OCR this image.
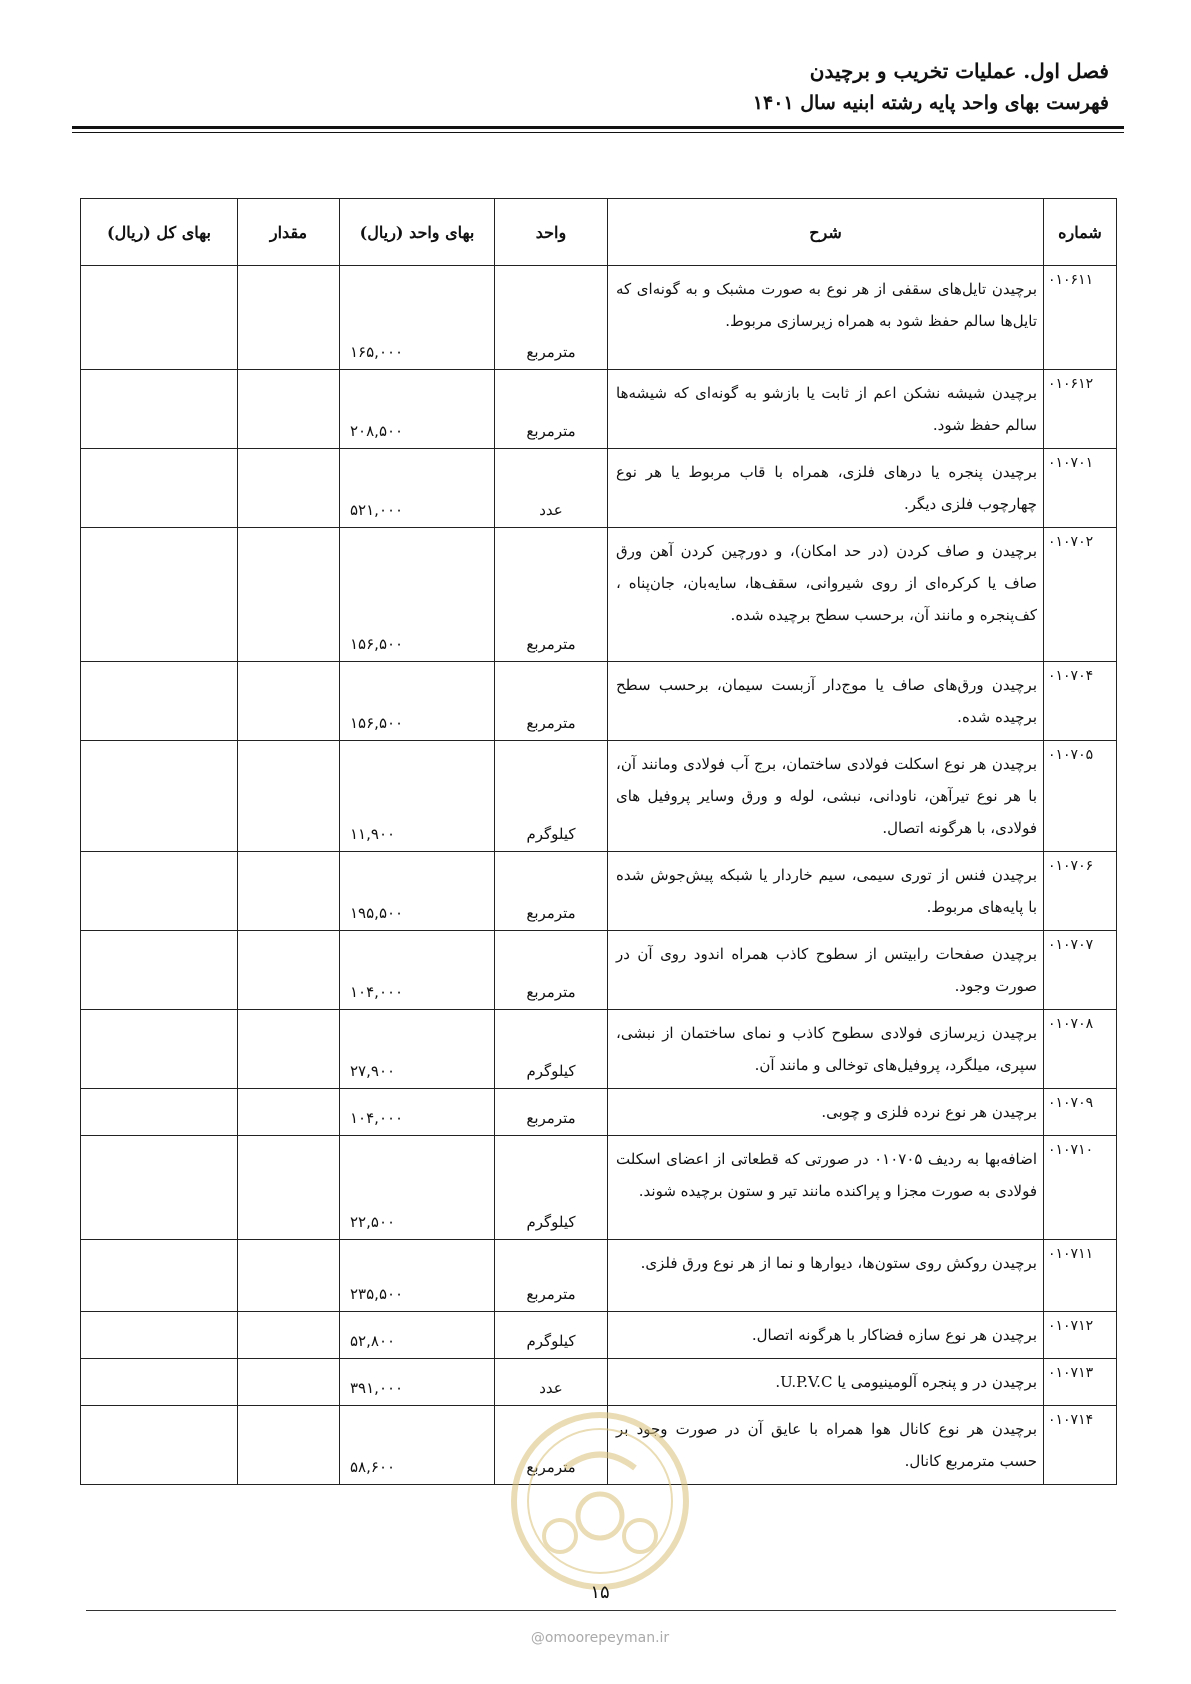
فصل اول. عملیات تخریب و برچیدن
فهرست بهای واحد پایه رشته ابنیه سال ۱۴۰۱
شماره	شرح	واحد	بهای واحد (ریال)	مقدار	بهای کل (ریال)
۰۱۰۶۱۱	برچیدن تایل‌های سقفی از هر نوع به صورت مشبک و به گونه‌ای که تایل‌ها سالم حفظ شود به همراه زیرسازی مربوط.	مترمربع	۱۶۵,۰۰۰		
۰۱۰۶۱۲	برچیدن شیشه نشکن اعم از ثابت یا بازشو به گونه‌ای که شیشه‌ها سالم حفظ شود.	مترمربع	۲۰۸,۵۰۰		
۰۱۰۷۰۱	برچیدن پنجره یا درهای فلزی، همراه با قاب مربوط یا هر نوع چهارچوب فلزی دیگر.	عدد	۵۲۱,۰۰۰		
۰۱۰۷۰۲	برچیدن و صاف کردن (در حد امکان)، و دورچین کردن آهن ورق صاف یا کرکره‌ای از روی شیروانی، سقف‌ها، سایه‌بان، جان‌پناه ، کف‌پنجره و مانند آن، برحسب سطح برچیده شده.	مترمربع	۱۵۶,۵۰۰		
۰۱۰۷۰۴	برچیدن ورق‌های صاف یا موج‌دار آزبست سیمان، برحسب سطح برچیده شده.	مترمربع	۱۵۶,۵۰۰		
۰۱۰۷۰۵	برچیدن هر نوع اسکلت فولادی ساختمان، برج آب فولادی ومانند آن، با هر نوع تیرآهن، ناودانی، نبشی، لوله و ورق وسایر پروفیل های فولادی، با هرگونه اتصال.	کیلوگرم	۱۱,۹۰۰		
۰۱۰۷۰۶	برچیدن فنس از توری سیمی، سیم خاردار یا شبکه پیش‌جوش شده با پایه‌های مربوط.	مترمربع	۱۹۵,۵۰۰		
۰۱۰۷۰۷	برچیدن صفحات رابیتس از سطوح کاذب همراه اندود روی آن در صورت وجود.	مترمربع	۱۰۴,۰۰۰		
۰۱۰۷۰۸	برچیدن زیرسازی فولادی سطوح کاذب و نمای ساختمان از نبشی، سپری، میلگرد، پروفیل‌های توخالی و مانند آن.	کیلوگرم	۲۷,۹۰۰		
۰۱۰۷۰۹	برچیدن هر نوع نرده فلزی و چوبی.	مترمربع	۱۰۴,۰۰۰		
۰۱۰۷۱۰	اضافه‌بها به ردیف ۰۱۰۷۰۵ در صورتی که قطعاتی از اعضای اسکلت فولادی به صورت مجزا و پراکنده مانند تیر و ستون برچیده شوند.	کیلوگرم	۲۲,۵۰۰		
۰۱۰۷۱۱	برچیدن روکش روی ستون‌ها، دیوارها و نما از هر نوع ورق فلزی.	مترمربع	۲۳۵,۵۰۰		
۰۱۰۷۱۲	برچیدن هر نوع سازه فضاکار با هرگونه اتصال.	کیلوگرم	۵۲,۸۰۰		
۰۱۰۷۱۳	برچیدن در و پنجره آلومینیومی یا U.P.V.C.	عدد	۳۹۱,۰۰۰		
۰۱۰۷۱۴	برچیدن هر نوع کانال هوا همراه با عایق آن در صورت وجود بر حسب مترمربع کانال.	مترمربع	۵۸,۶۰۰		
۱۵
@omoorepeyman.ir
